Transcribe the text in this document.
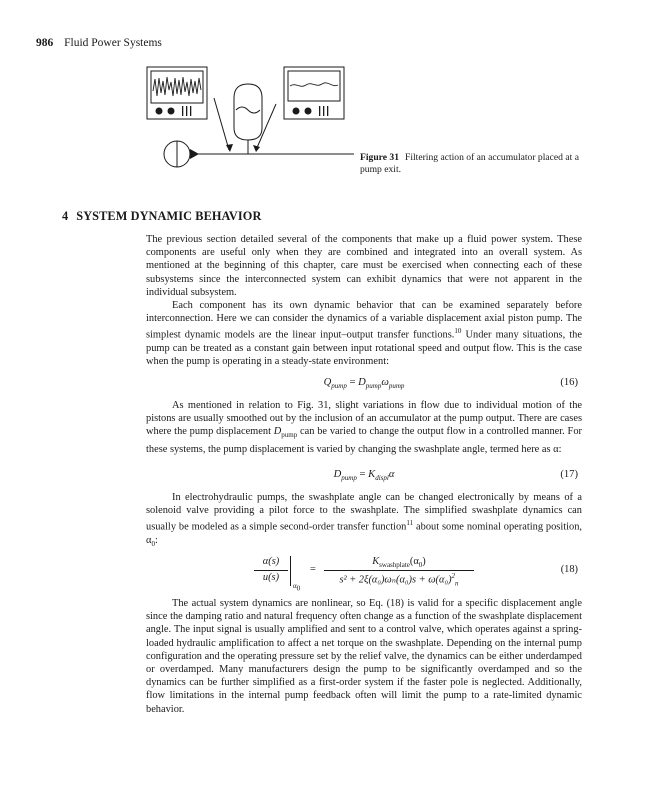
986 Fluid Power Systems
Figure 31 Filtering action of an accumulator placed at a pump exit.
4 SYSTEM DYNAMIC BEHAVIOR
The previous section detailed several of the components that make up a fluid power system. These components are useful only when they are combined and integrated into an overall system. As mentioned at the beginning of this chapter, care must be exercised when connecting each of these subsystems since the interconnected system can exhibit dynamics that were not apparent in the individual subsystem.
Each component has its own dynamic behavior that can be examined separately before interconnection. Here we can consider the dynamics of a variable displacement axial piston pump. The simplest dynamic models are the linear input–output transfer functions.$^{10}$ Under many situations, the pump can be treated as a constant gain between input rotational speed and output flow. This is the case when the pump is operating in a steady-state environment:
$Q_{pump} = D_{pump}\omega_{pump}$	(16)
As mentioned in relation to Fig. 31, slight variations in flow due to individual motion of the pistons are usually smoothed out by the inclusion of an accumulator at the pump output. There are cases where the pump displacement $D_{pump}$ can be varied to change the output flow in a controlled manner. For these systems, the pump displacement is varied by changing the swashplate angle, termed here as α:
$D_{pump} = K_{displ}\alpha$	(17)
In electrohydraulic pumps, the swashplate angle can be changed electronically by means of a solenoid valve providing a pilot force to the swashplate. The simplified swashplate dynamics can usually be modeled as a simple second-order transfer function$^{11}$ about some nominal operating position, $\alpha_0$:
α(s)
u(s)
$\alpha_0$
=
$K_{swashplate}(\alpha_0)$
$s^2 + 2\xi(\alpha_0)\omega_n(\alpha_0)s + \omega(\alpha_0)^2_n$
(18)
The actual system dynamics are nonlinear, so Eq. (18) is valid for a specific displacement angle since the damping ratio and natural frequency often change as a function of the swashplate displacement angle. The input signal is usually amplified and sent to a control valve, which operates against a spring-loaded hydraulic amplification to affect a net torque on the swashplate. Depending on the internal pump configuration and the operating pressure set by the relief valve, the dynamics can be either underdamped or overdamped. Many manufacturers design the pump to be significantly overdamped and so the dynamics can be further simplified as a first-order system if the faster pole is neglected. Additionally, flow limitations in the internal pump feedback often will limit the pump to a rate-limited dynamic behavior.
